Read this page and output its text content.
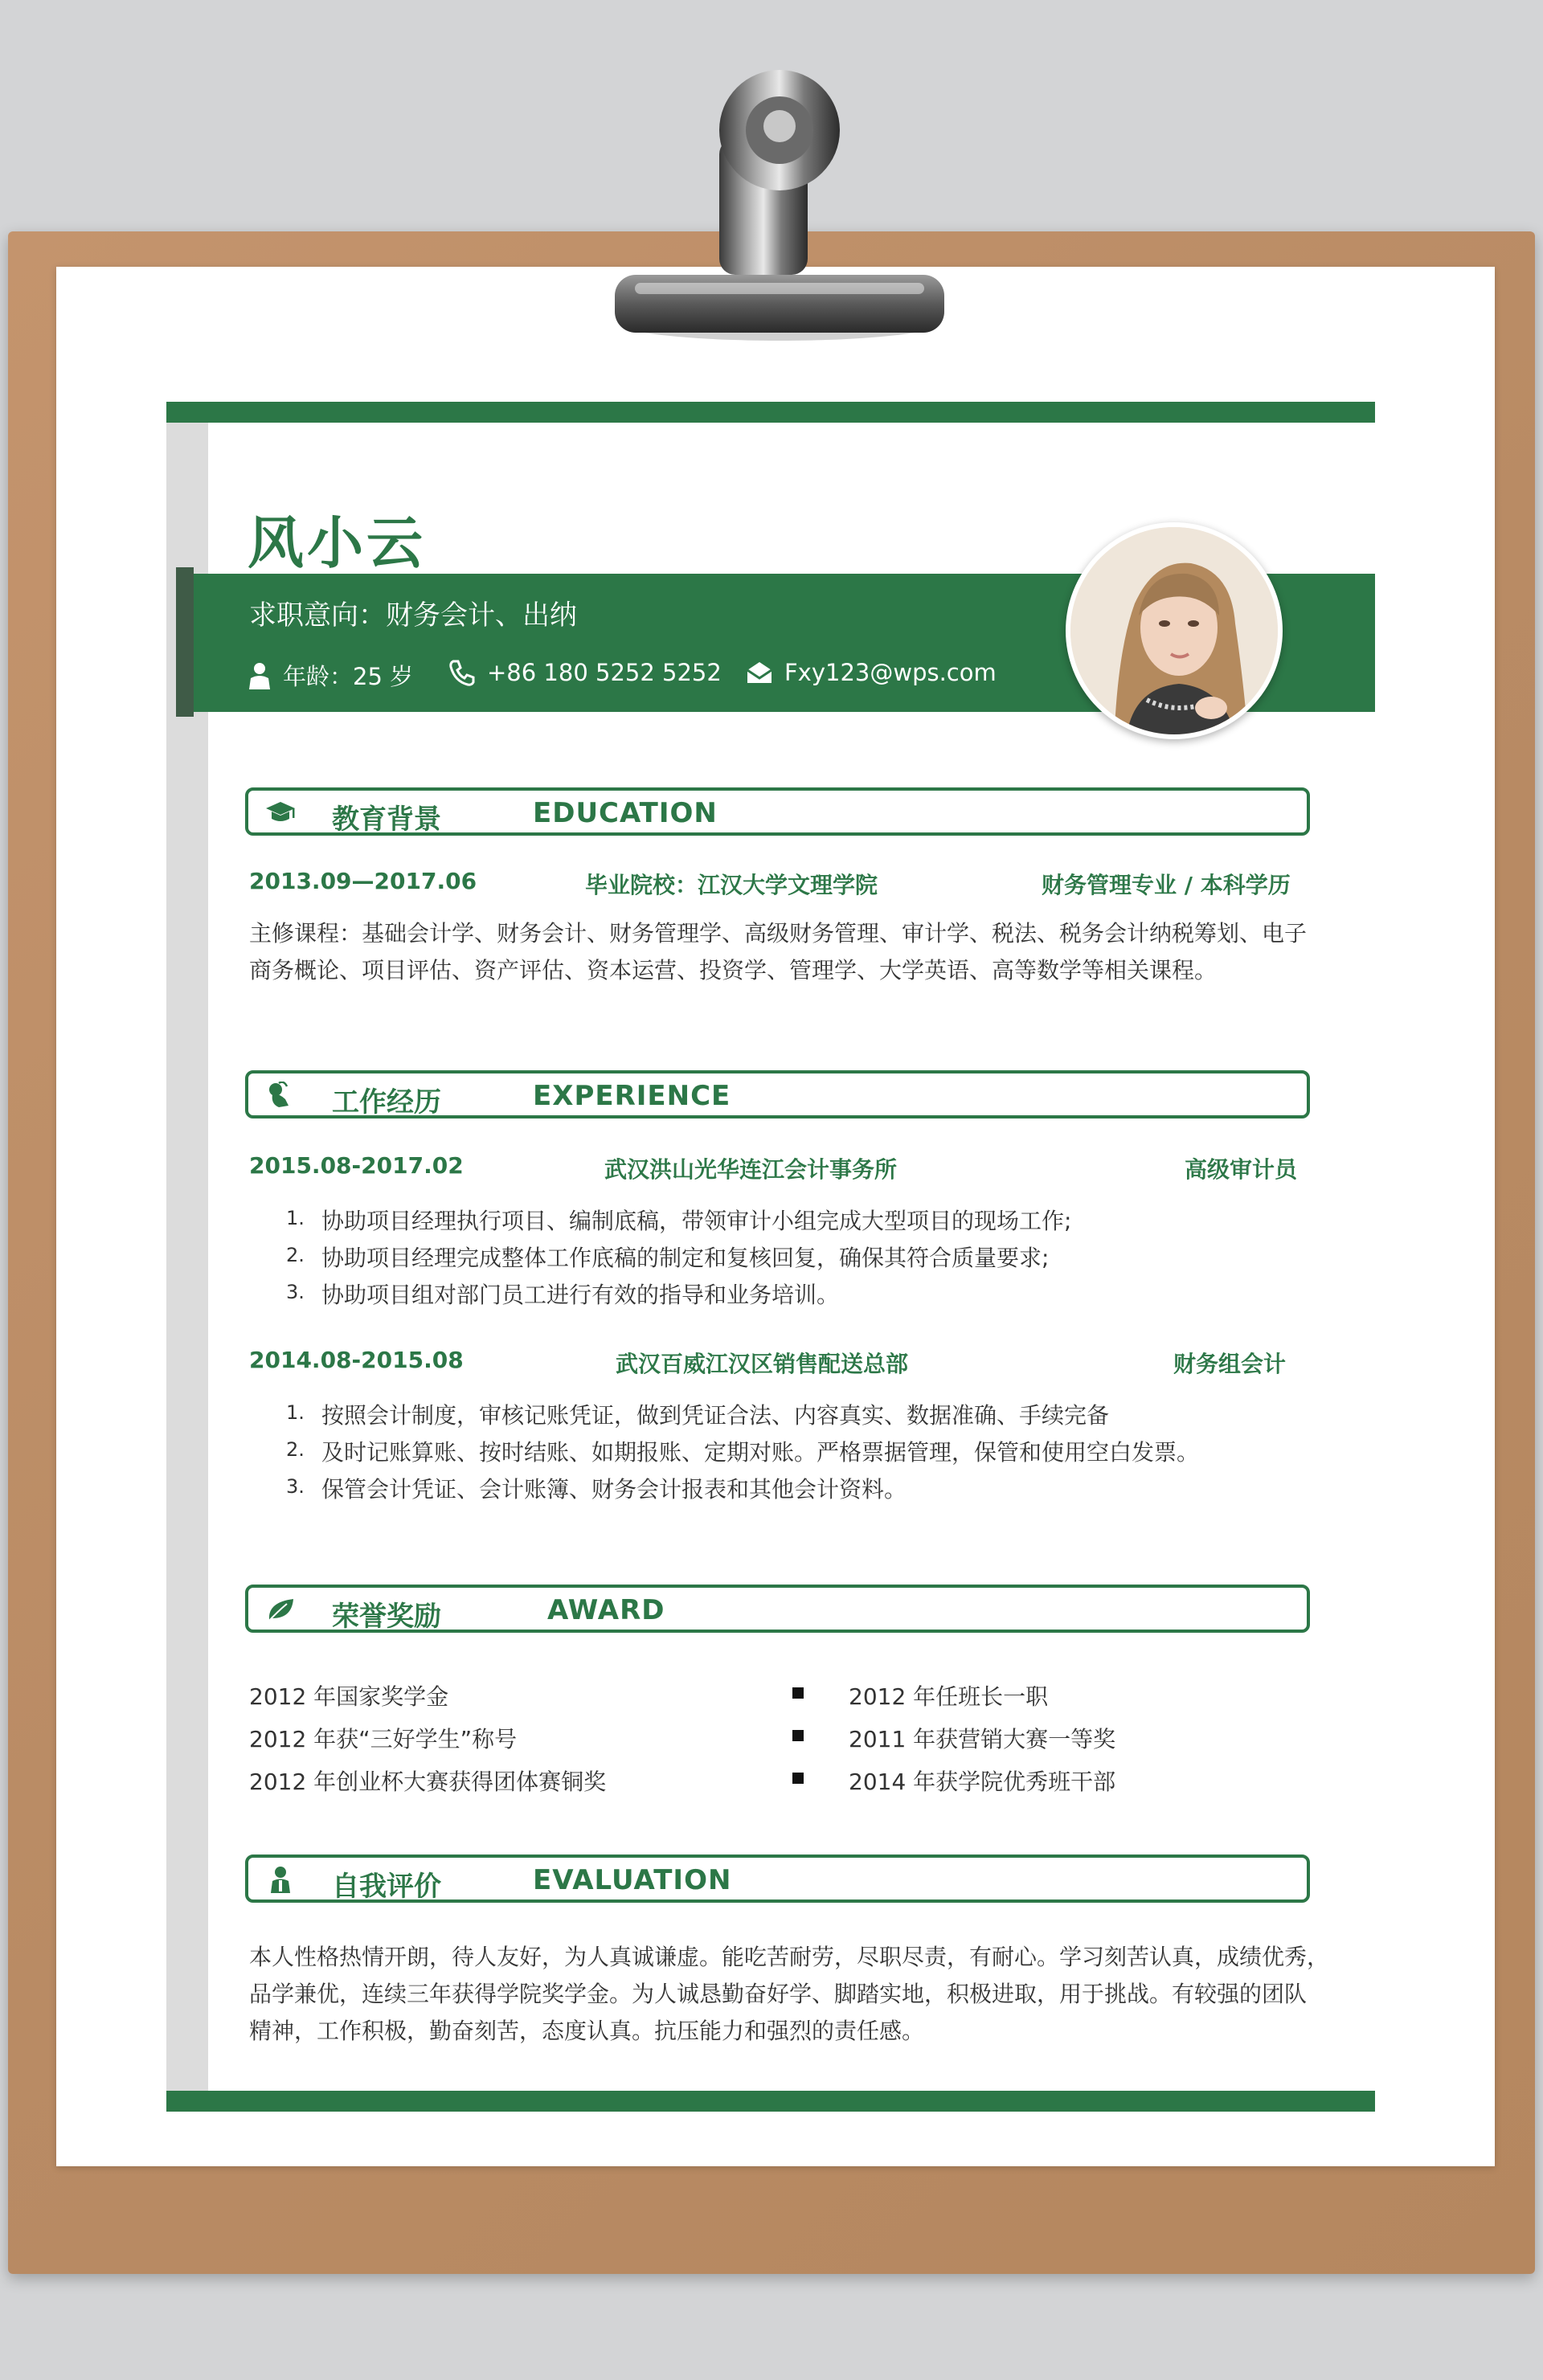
风小云
求职意向：财务会计、出纳
年龄：25 岁	+86 180 5252 5252	Fxy123@wps.com
教育背景	EDUCATION
2013.09—2017.06	毕业院校：江汉大学文理学院	财务管理专业 / 本科学历
主修课程：基础会计学、财务会计、财务管理学、高级财务管理、审计学、税法、税务会计纳税筹划、电子
商务概论、项目评估、资产评估、资本运营、投资学、管理学、大学英语、高等数学等相关课程。
工作经历	EXPERIENCE
2015.08-2017.02	武汉洪山光华连江会计事务所	高级审计员
1. 协助项目经理执行项目、编制底稿，带领审计小组完成大型项目的现场工作;
2. 协助项目经理完成整体工作底稿的制定和复核回复，确保其符合质量要求;
3. 协助项目组对部门员工进行有效的指导和业务培训。
2014.08-2015.08	武汉百威江汉区销售配送总部	财务组会计
1. 按照会计制度，审核记账凭证，做到凭证合法、内容真实、数据准确、手续完备
2. 及时记账算账、按时结账、如期报账、定期对账。严格票据管理，保管和使用空白发票。
3. 保管会计凭证、会计账簿、财务会计报表和其他会计资料。
荣誉奖励	AWARD
2012 年国家奖学金
2012 年获“三好学生”称号
2012 年创业杯大赛获得团体赛铜奖
2012 年任班长一职
2011 年获营销大赛一等奖
2014 年获学院优秀班干部
自我评价	EVALUATION
本人性格热情开朗，待人友好，为人真诚谦虚。能吃苦耐劳，尽职尽责，有耐心。学习刻苦认真，成绩优秀，
品学兼优，连续三年获得学院奖学金。为人诚恳勤奋好学、脚踏实地，积极进取，用于挑战。有较强的团队
精神，工作积极，勤奋刻苦，态度认真。抗压能力和强烈的责任感。
